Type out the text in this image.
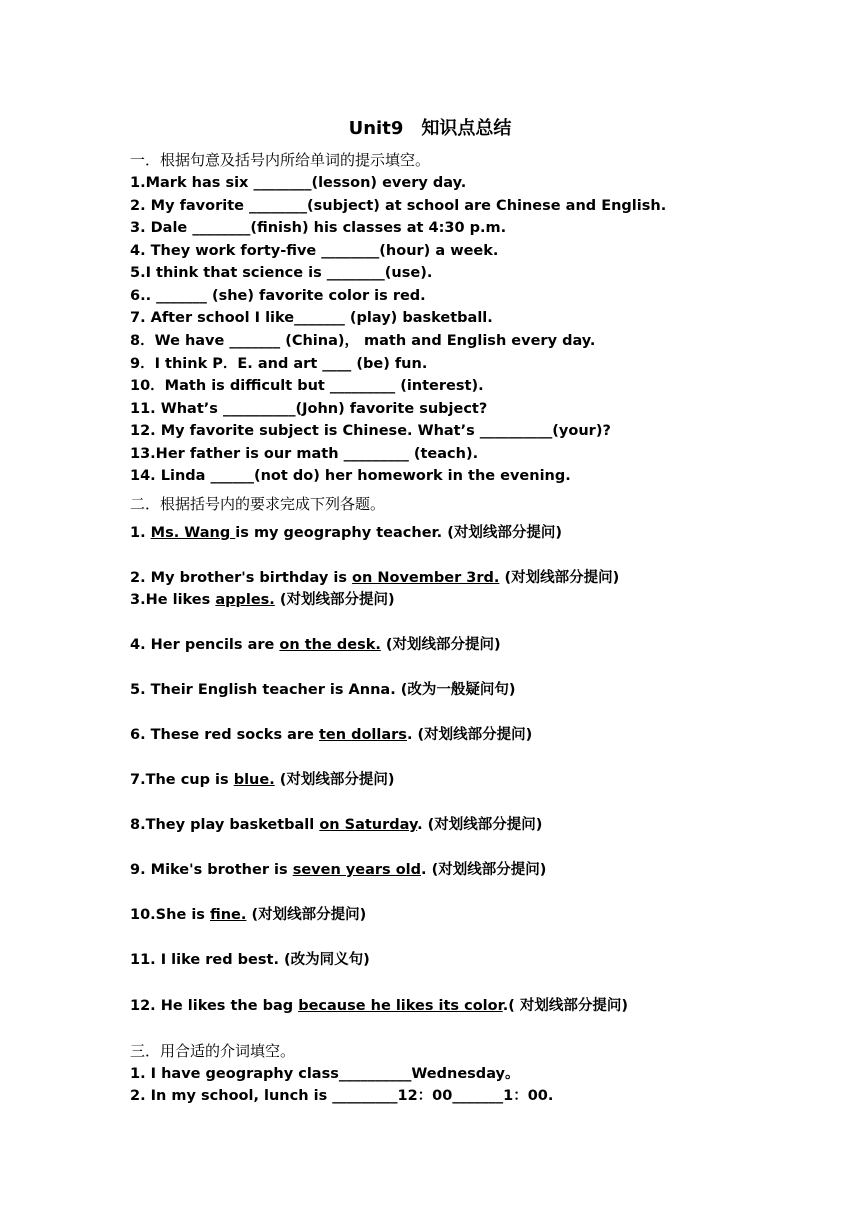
Unit9　知识点总结
一．根据句意及括号内所给单词的提示填空。
1.Mark has six ________(lesson) every day.
2. My favorite ________(subject) at school are Chinese and English.
3. Dale ________(finish) his classes at 4:30 p.m.
4. They work forty-five ________(hour) a week.
5.I think that science is ________(use).
6.. _______ (she) favorite color is red.
7. After school I like_______ (play) basketball.
8．We have _______ (China)， math and English every day.
9．I think P．E. and art ____ (be) fun.
10．Math is difficult but _________ (interest).
11. What’s __________(John) favorite subject?
12. My favorite subject is Chinese. What’s __________(your)?
13.Her father is our math _________ (teach).
14. Linda ______(not do) her homework in the evening.
二．根据括号内的要求完成下列各题。
1. Ms. Wang is my geography teacher. (对划线部分提问)
2. My brother's birthday is on November 3rd. (对划线部分提问)
3.He likes apples. (对划线部分提问)
4. Her pencils are on the desk. (对划线部分提问)
5. Their English teacher is Anna. (改为一般疑问句)
6. These red socks are ten dollars. (对划线部分提问)
7.The cup is blue. (对划线部分提问)
8.They play basketball on Saturday. (对划线部分提问)
9. Mike's brother is seven years old. (对划线部分提问)
10.She is fine. (对划线部分提问)
11. I like red best. (改为同义句)
12. He likes the bag because he likes its color.( 对划线部分提问)
三．用合适的介词填空。
1. I have geography class__________Wednesday。
2. In my school, lunch is _________12：00_______1：00.
